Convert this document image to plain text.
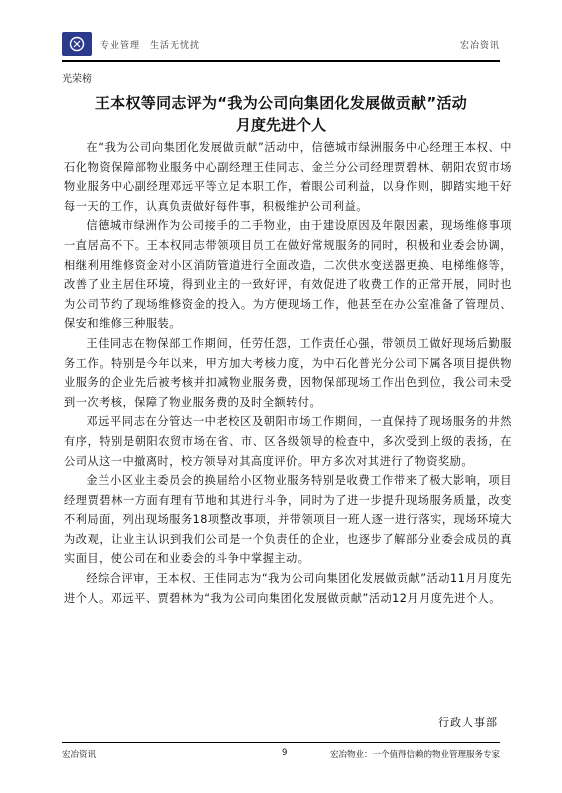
专业管理　生活无忧扰	宏冶资讯
光荣榜
王本权等同志评为“我为公司向集团化发展做贡献”活动
月度先进个人

在“我为公司向集团化发展做贡献”活动中，信德城市绿洲服务中心经理王本权、中石化物资保障部物业服务中心副经理王佳同志、金兰分公司经理贾碧林、朝阳农贸市场物业服务中心副经理邓远平等立足本职工作，着眼公司利益，以身作则，脚踏实地干好每一天的工作，认真负责做好每件事，积极维护公司利益。

信德城市绿洲作为公司接手的二手物业，由于建设原因及年限因素，现场维修事项一直居高不下。王本权同志带领项目员工在做好常规服务的同时，积极和业委会协调，相继利用维修资金对小区消防管道进行全面改造，二次供水变送器更换、电梯维修等，改善了业主居住环境，得到业主的一致好评，有效促进了收费工作的正常开展，同时也为公司节约了现场维修资金的投入。为方便现场工作，他甚至在办公室准备了管理员、保安和维修三种服装。

王佳同志在物保部工作期间，任劳任怨，工作责任心强，带领员工做好现场后勤服务工作。特别是今年以来，甲方加大考核力度，为中石化普光分公司下属各项目提供物业服务的企业先后被考核并扣减物业服务费，因物保部现场工作出色到位，我公司未受到一次考核，保障了物业服务费的及时全额转付。

邓远平同志在分管达一中老校区及朝阳市场工作期间，一直保持了现场服务的井然有序，特别是朝阳农贸市场在省、市、区各级领导的检查中，多次受到上级的表扬，在公司从这一中撤离时，校方领导对其高度评价。甲方多次对其进行了物资奖励。

金兰小区业主委员会的换届给小区物业服务特别是收费工作带来了极大影响，项目经理贾碧林一方面有理有节地和其进行斗争，同时为了进一步提升现场服务质量，改变不利局面，列出现场服务18项整改事项，并带领项目一班人逐一进行落实，现场环境大为改观，让业主认识到我们公司是一个负责任的企业，也逐步了解部分业委会成员的真实面目，使公司在和业委会的斗争中掌握主动。

经综合评审，王本权、王佳同志为“我为公司向集团化发展做贡献”活动11月月度先进个人。邓远平、贾碧林为“我为公司向集团化发展做贡献”活动12月月度先进个人。

行政人事部
宏冶资讯	9	宏冶物业：一个值得信赖的物业管理服务专家
